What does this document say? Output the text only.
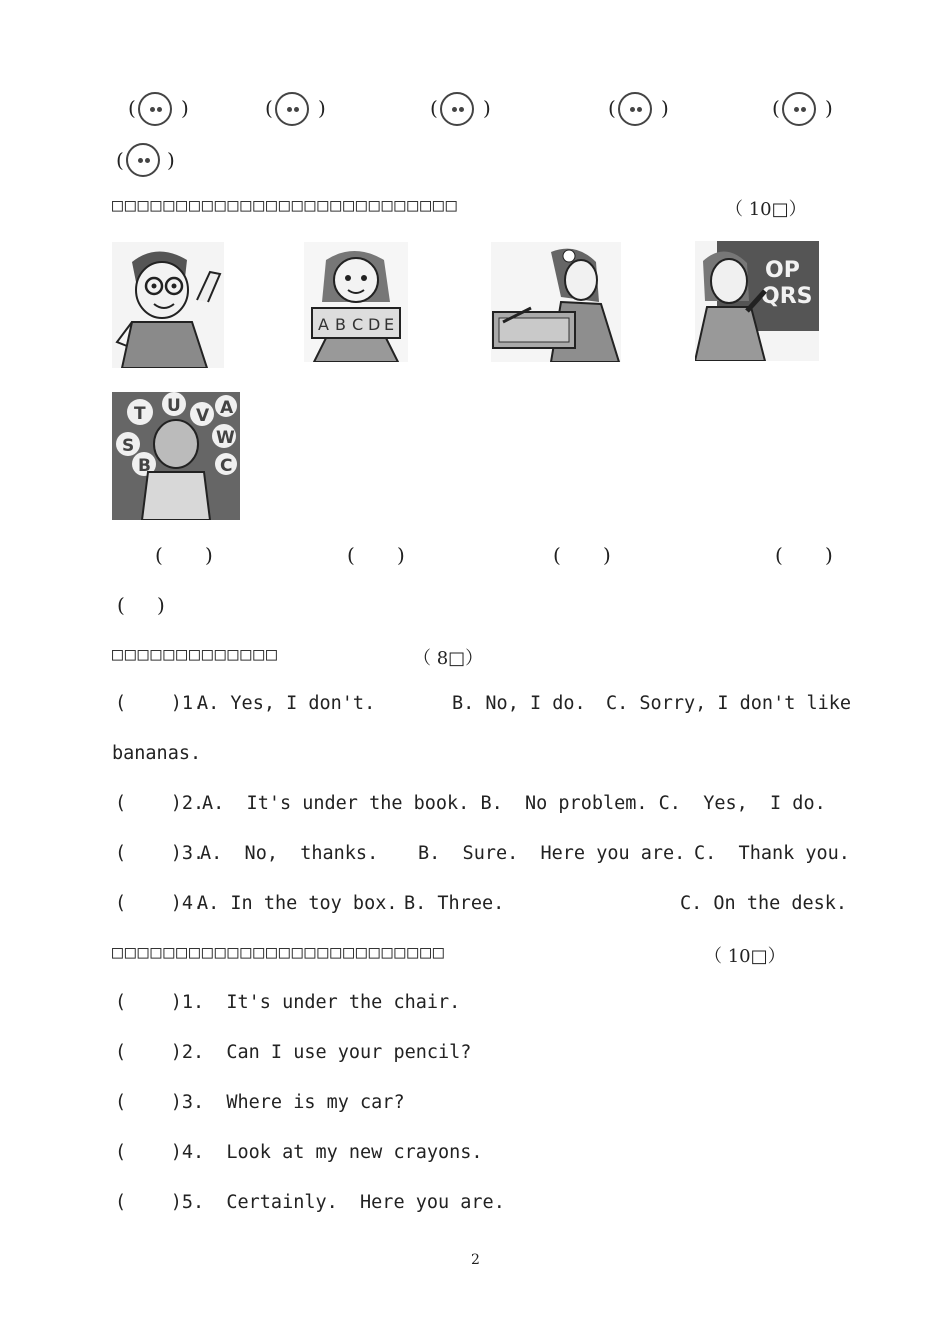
( )	( )	( )	( )	( )
( )
□□□□□□□□□□□□□□□□□□□□□□□□□□□	（ 10□）
A B C D E
OP
QRS
T U V A
S	W
B	C
( )	( )	( )	( )
( )
□□□□□□□□□□□□□	（ 8□）
(    )1.
A. Yes, I don't.	B. No, I do. C. Sorry, I don't like
bananas.
(    )2.
A.  It's under the book. B.  No problem. C.  Yes,  I do.
(    )3.
A.  No,  thanks. B.  Sure.  Here you are. C.  Thank you.
(    )4.
A. In the toy box. B. Three.	C. On the desk.
□□□□□□□□□□□□□□□□□□□□□□□□□□	（ 10□）
(    )1.  It's under the chair.
(    )2.  Can I use your pencil?
(    )3.  Where is my car?
(    )4.  Look at my new crayons.
(    )5.  Certainly.  Here you are.
2
